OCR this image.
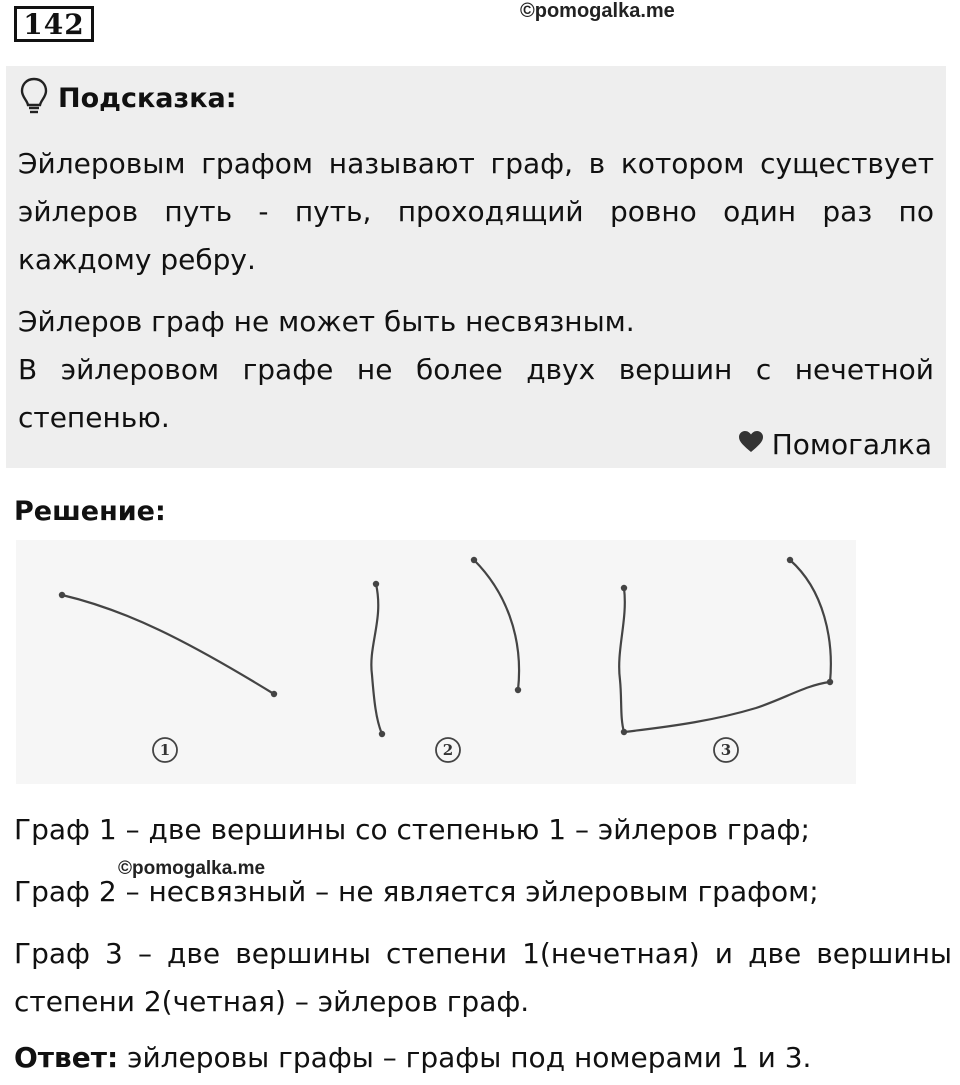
142	©pomogalka.me
Подсказка:

Эйлеровым графом называют граф, в котором существует эйлеров путь - путь, проходящий ровно один раз по каждому ребру.

Эйлеров граф не может быть несвязным.
В эйлеровом графе не более двух вершин с нечетной степенью.
Помогалка
Решение:
1	2	3

Граф 1 – две вершины со степенью 1 – эйлеров граф;

©pomogalka.me

Граф 2 – несвязный – не является эйлеровым графом;

Граф 3 – две вершины степени 1(нечетная) и две вершины степени 2(четная) – эйлеров граф.

Ответ: эйлеровы графы – графы под номерами 1 и 3.
